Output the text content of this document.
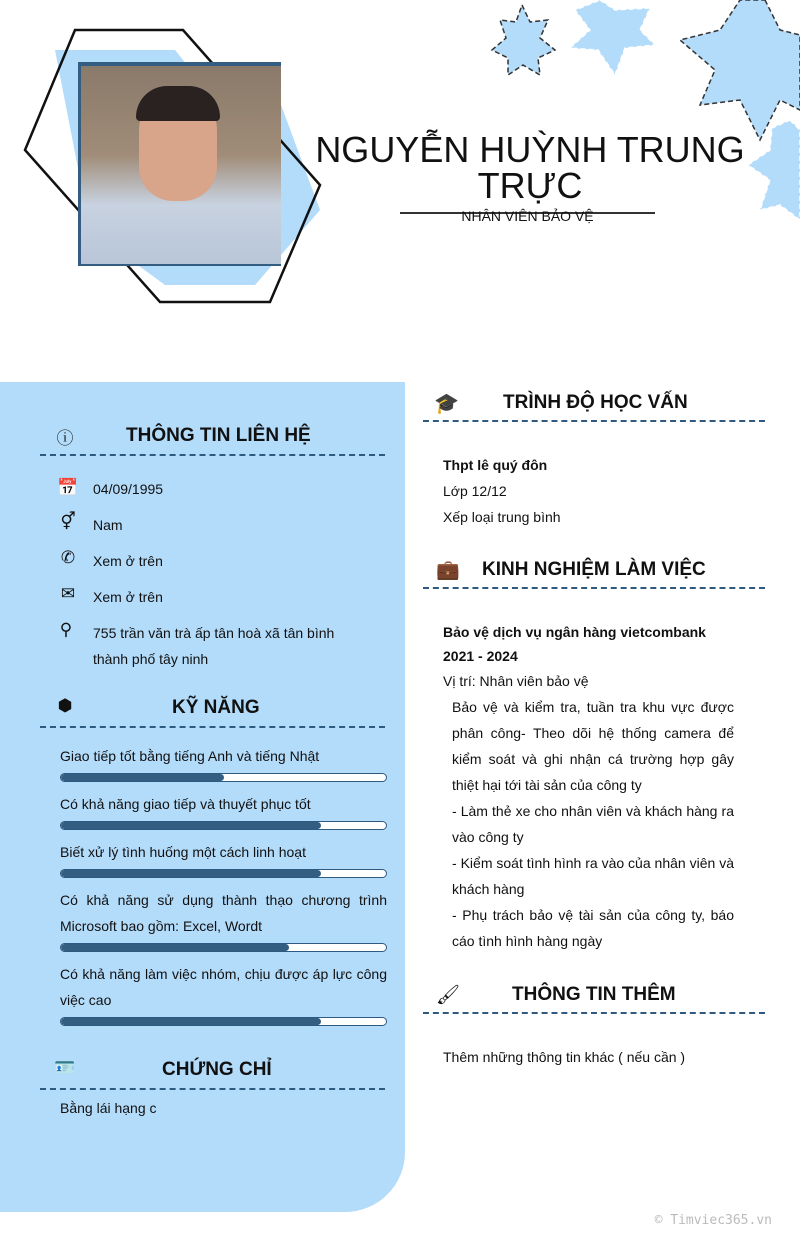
NGUYỄN HUỲNH TRUNG
TRỰC
NHÂN VIÊN BẢO VỆ
ⓘ	THÔNG TIN LIÊN HỆ
📅 04/09/1995
⚥ Nam
✆ Xem ở trên
✉ Xem ở trên
⚲	755 trần văn trà ấp tân hoà xã tân bình thành phố tây ninh
⬢	KỸ NĂNG
Giao tiếp tốt bằng tiếng Anh và tiếng Nhật
Có khả năng giao tiếp và thuyết phục tốt
Biết xử lý tình huống một cách linh hoạt
Có khả năng sử dụng thành thạo chương trình Microsoft bao gồm: Excel, Wordt
Có khả năng làm việc nhóm, chịu được áp lực công việc cao
🪪	CHỨNG CHỈ
Bằng lái hạng c
🎓 TRÌNH ĐỘ HỌC VẤN
Thpt lê quý đôn
Lớp 12/12
Xếp loại trung bình
💼 KINH NGHIỆM LÀM VIỆC
Bảo vệ dịch vụ ngân hàng vietcombank
2021 - 2024
Vị trí: Nhân viên bảo vệ
Bảo vệ và kiểm tra, tuần tra khu vực được phân công- Theo dõi hệ thống camera để kiểm soát và ghi nhận cá trường hợp gây thiệt hại tới tài sản của công ty
- Làm thẻ xe cho nhân viên và khách hàng ra vào công ty
- Kiểm soát tình hình ra vào của nhân viên và khách hàng
- Phụ trách bảo vệ tài sản của công ty, báo cáo tình hình hàng ngày
🖌	THÔNG TIN THÊM
Thêm những thông tin khác ( nếu cần )
© Timviec365.vn
